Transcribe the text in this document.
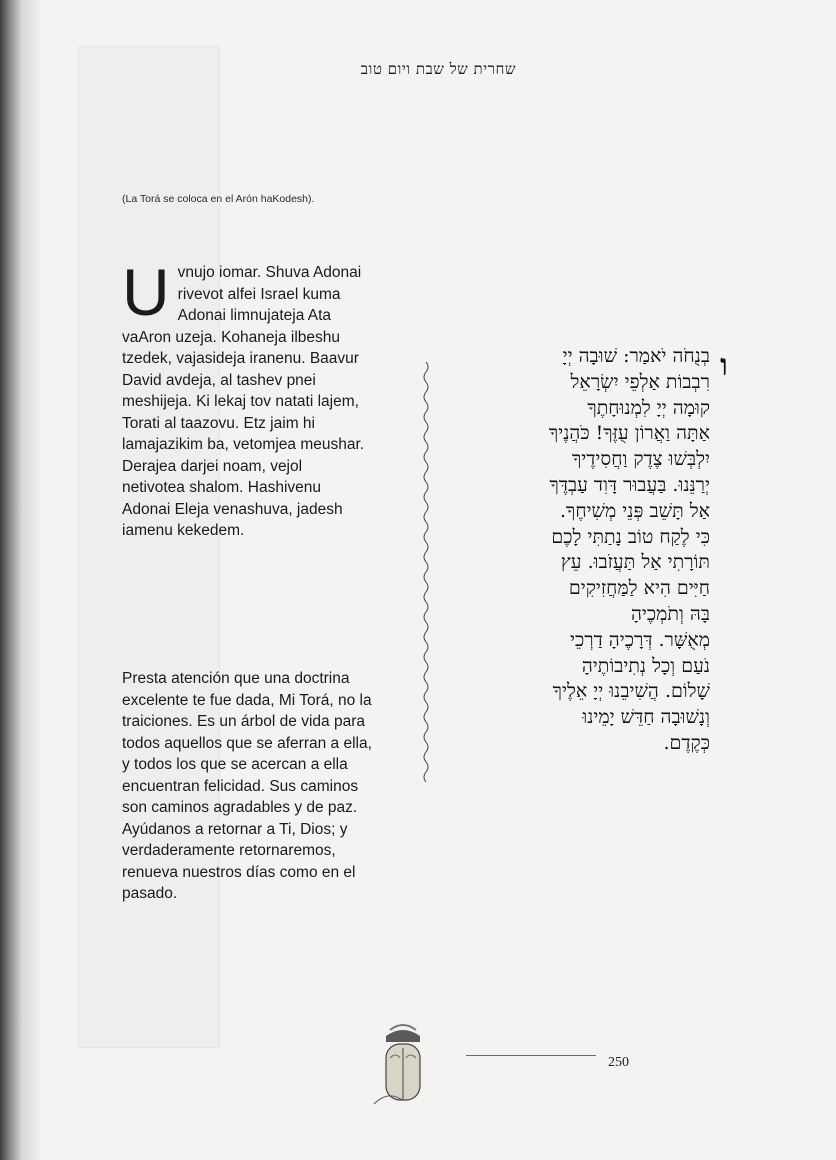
שחרית של שבת ויום טוב
(La Torá se coloca en el Arón haKodesh).
Uvnujo iomar. Shuva Adonai rivevot alfei Israel kuma Adonai limnujateja Ata vaAron uzeja. Kohaneja ilbeshu tzedek, vajasideja iranenu. Baavur David avdeja, al tashev pnei meshijeja. Ki lekaj tov natati lajem, Torati al taazovu. Etz jaim hi lamajazikim ba, vetomjea meushar. Derajea darjei noam, vejol netivotea shalom. Hashivenu Adonai Eleja venashuva, jadesh iamenu kekedem.
Presta atención que una doctrina excelente te fue dada, Mi Torá, no la traiciones. Es un árbol de vida para todos aquellos que se aferran a ella, y todos los que se acercan a ella encuentran felicidad. Sus caminos son caminos agradables y de paz. Ayúdanos a retornar a Ti, Dios; y verdaderamente retornaremos, renueva nuestros días como en el pasado.
ו
בְנֻחֹה יֹאמַר: שׁוּבָה יְיָ
רִבְבוֹת אַלְפֵי יִשְׂרָאֵל
קוּמָה יְיָ לִמְנוּחָתֶךָ
אַתָּה וַאֲרוֹן עֻזֶּךָ! כֹּהֲנֶיךָ
יִלְבְּשׁוּ צֶדֶק וַחֲסִידֶיךָ
יְרַנֵּנוּ. בַּעֲבוּר דָּוִד עַבְדֶּךָ
אַל תָּשֵׁב פְּנֵי מְשִׁיחֶךָ.
כִּי לֶקַח טוֹב נָתַתִּי לָכֶם
תּוֹרָתִי אַל תַּעֲזֹבוּ. עֵץ
חַיִּים הִיא לַמַּחֲזִיקִים
בָּהּ וְתֹמְכֶיהָ
מְאֻשָּׁר. דְּרָכֶיהָ דַרְכֵי
נֹעַם וְכָל נְתִיבוֹתֶיהָ
שָׁלוֹם. הֲשִׁיבֵנוּ יְיָ אֵלֶיךָ
וְנָשׁוּבָה חַדֵּשׁ יָמֵינוּ
כְּקֶדֶם.
250
